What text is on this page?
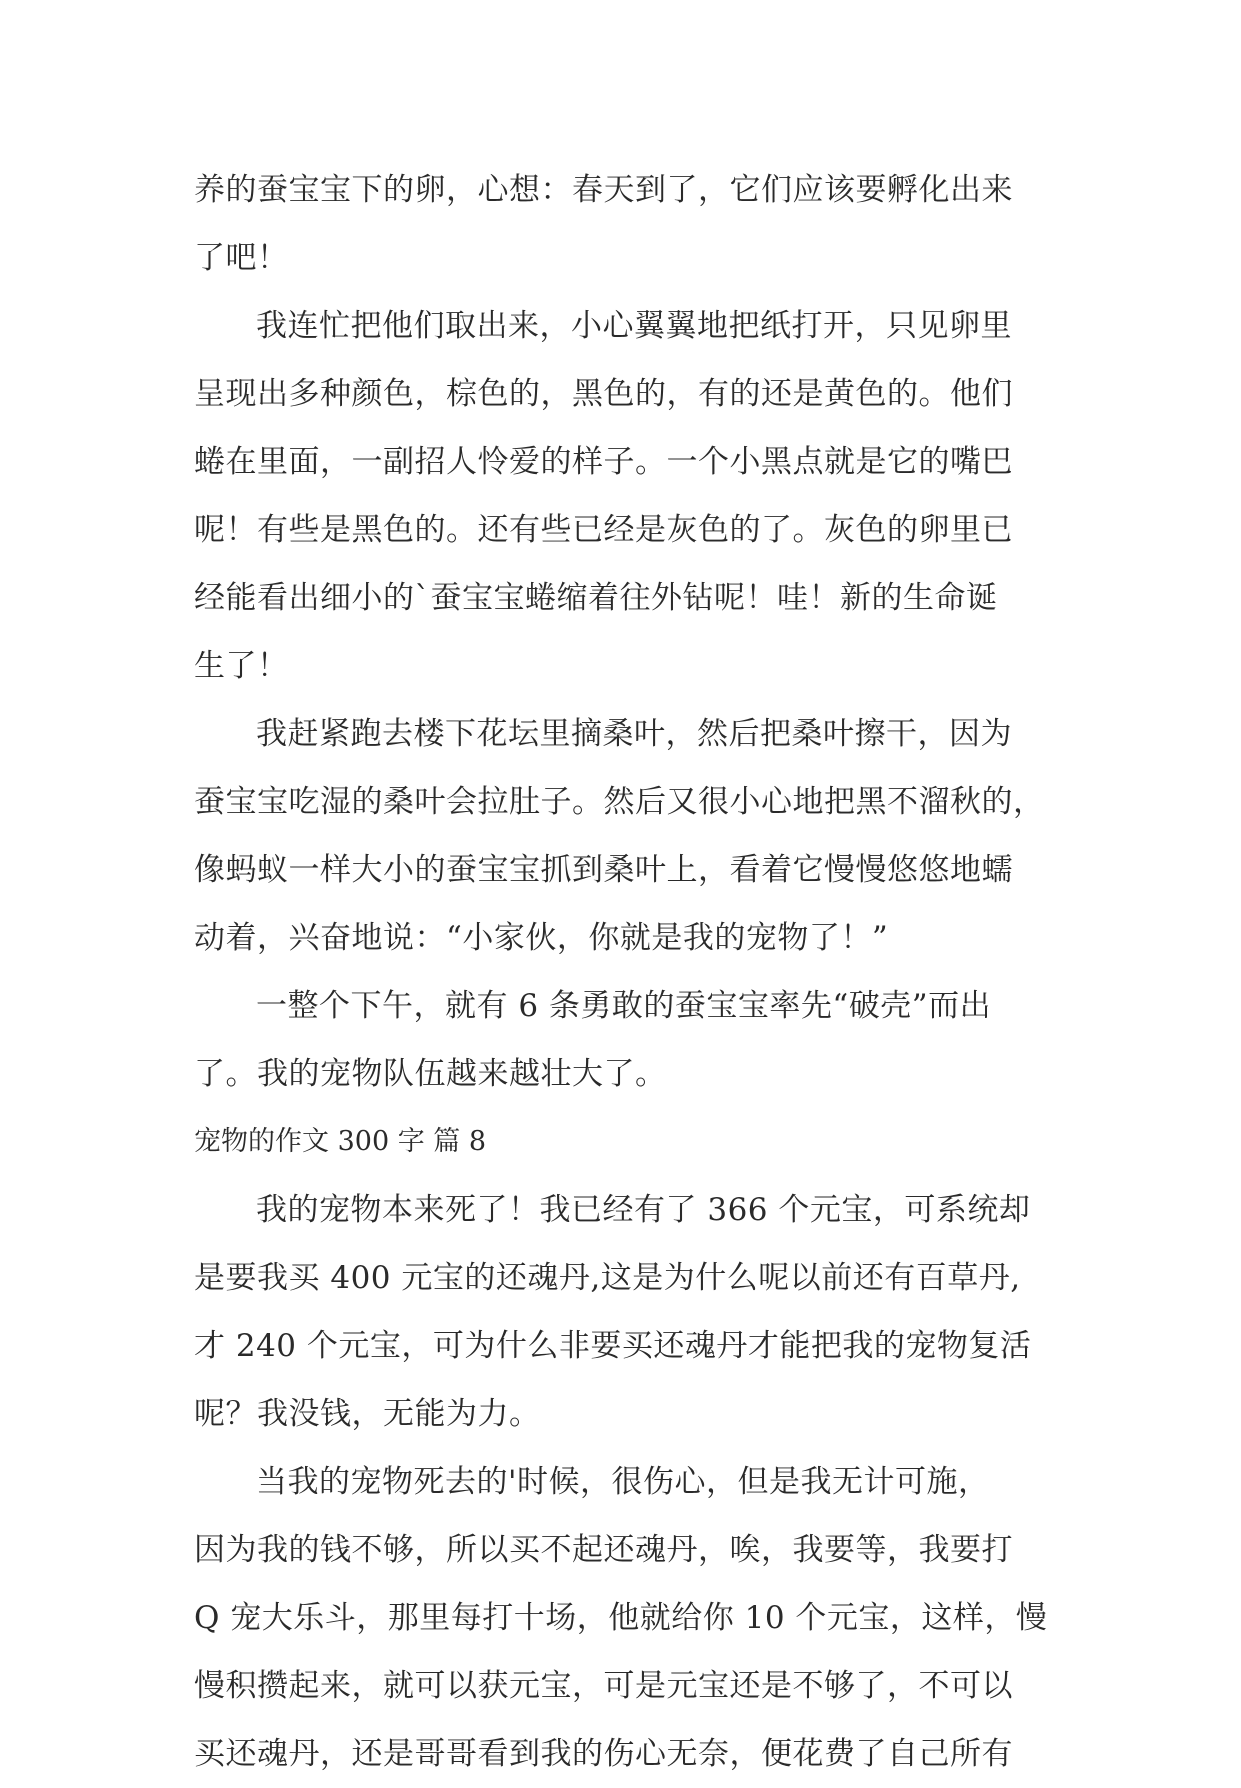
养的蚕宝宝下的卵，心想：春天到了，它们应该要孵化出来
了吧！
我连忙把他们取出来，小心翼翼地把纸打开，只见卵里
呈现出多种颜色，棕色的，黑色的，有的还是黄色的。他们
蜷在里面，一副招人怜爱的样子。一个小黑点就是它的嘴巴
呢！有些是黑色的。还有些已经是灰色的了。灰色的卵里已
经能看出细小的`蚕宝宝蜷缩着往外钻呢！哇！新的生命诞
生了！
我赶紧跑去楼下花坛里摘桑叶，然后把桑叶擦干，因为
蚕宝宝吃湿的桑叶会拉肚子。然后又很小心地把黑不溜秋的，
像蚂蚁一样大小的蚕宝宝抓到桑叶上，看着它慢慢悠悠地蠕
动着，兴奋地说：“小家伙，你就是我的宠物了！”
一整个下午，就有 6 条勇敢的蚕宝宝率先“破壳”而出
了。我的宠物队伍越来越壮大了。
宠物的作文 300 字 篇 8
我的宠物本来死了！我已经有了 366 个元宝，可系统却
是要我买 400 元宝的还魂丹,这是为什么呢以前还有百草丹,
才 240 个元宝，可为什么非要买还魂丹才能把我的宠物复活
呢？我没钱，无能为力。
当我的宠物死去的'时候，很伤心，但是我无计可施，
因为我的钱不够，所以买不起还魂丹，唉，我要等，我要打
Q 宠大乐斗，那里每打十场，他就给你 10 个元宝，这样，慢
慢积攒起来，就可以获元宝，可是元宝还是不够了，不可以
买还魂丹，还是哥哥看到我的伤心无奈，便花费了自己所有
